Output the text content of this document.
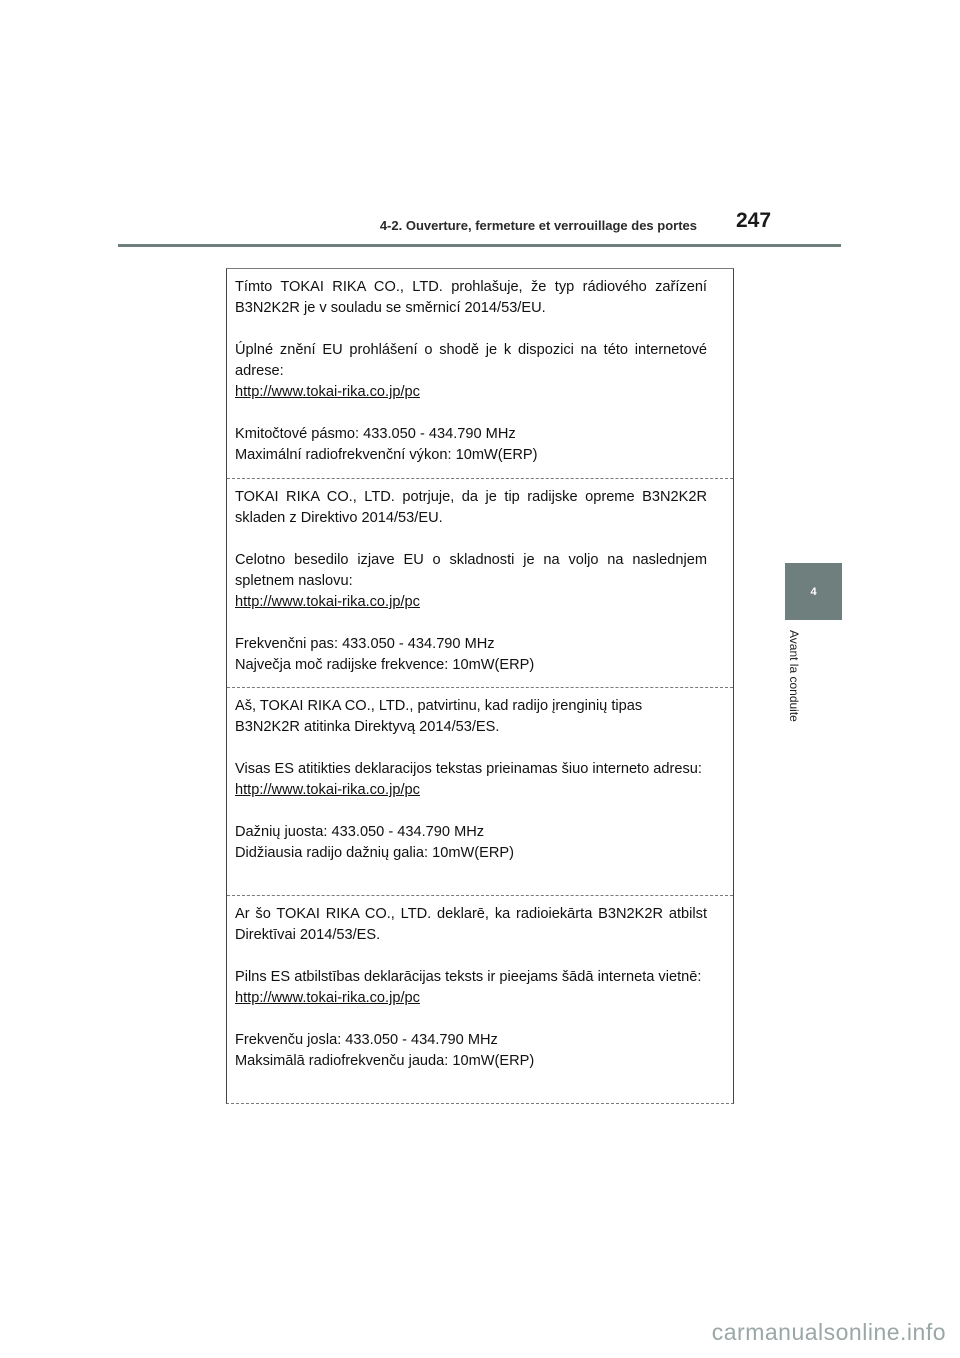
4-2. Ouverture, fermeture et verrouillage des portes 247
4
Avant la conduite

Tímto TOKAI RIKA CO., LTD. prohlašuje, že typ rádiového zařízení B3N2K2R je v souladu se směrnicí 2014/53/EU.

Úplné znění EU prohlášení o shodě je k dispozici na této internetové adrese:

http://www.tokai-rika.co.jp/pc

Kmitočtové pásmo: 433.050 - 434.790 MHz

Maximální radiofrekvenční výkon: 10mW(ERP)

TOKAI RIKA CO., LTD. potrjuje, da je tip radijske opreme B3N2K2R skladen z Direktivo 2014/53/EU.

Celotno besedilo izjave EU o skladnosti je na voljo na naslednjem spletnem naslovu:

http://www.tokai-rika.co.jp/pc

Frekvenčni pas: 433.050 - 434.790 MHz

Največja moč radijske frekvence: 10mW(ERP)

Aš, TOKAI RIKA CO., LTD., patvirtinu, kad radijo įrenginių tipas B3N2K2R atitinka Direktyvą 2014/53/ES.

Visas ES atitikties deklaracijos tekstas prieinamas šiuo interneto adresu:

http://www.tokai-rika.co.jp/pc

Dažnių juosta: 433.050 - 434.790 MHz

Didžiausia radijo dažnių galia: 10mW(ERP)

Ar šo TOKAI RIKA CO., LTD. deklarē, ka radioiekārta B3N2K2R atbilst Direktīvai 2014/53/ES.

Pilns ES atbilstības deklarācijas teksts ir pieejams šādā interneta vietnē:

http://www.tokai-rika.co.jp/pc

Frekvenču josla: 433.050 - 434.790 MHz

Maksimālā radiofrekvenču jauda: 10mW(ERP)

carmanualsonline.info
